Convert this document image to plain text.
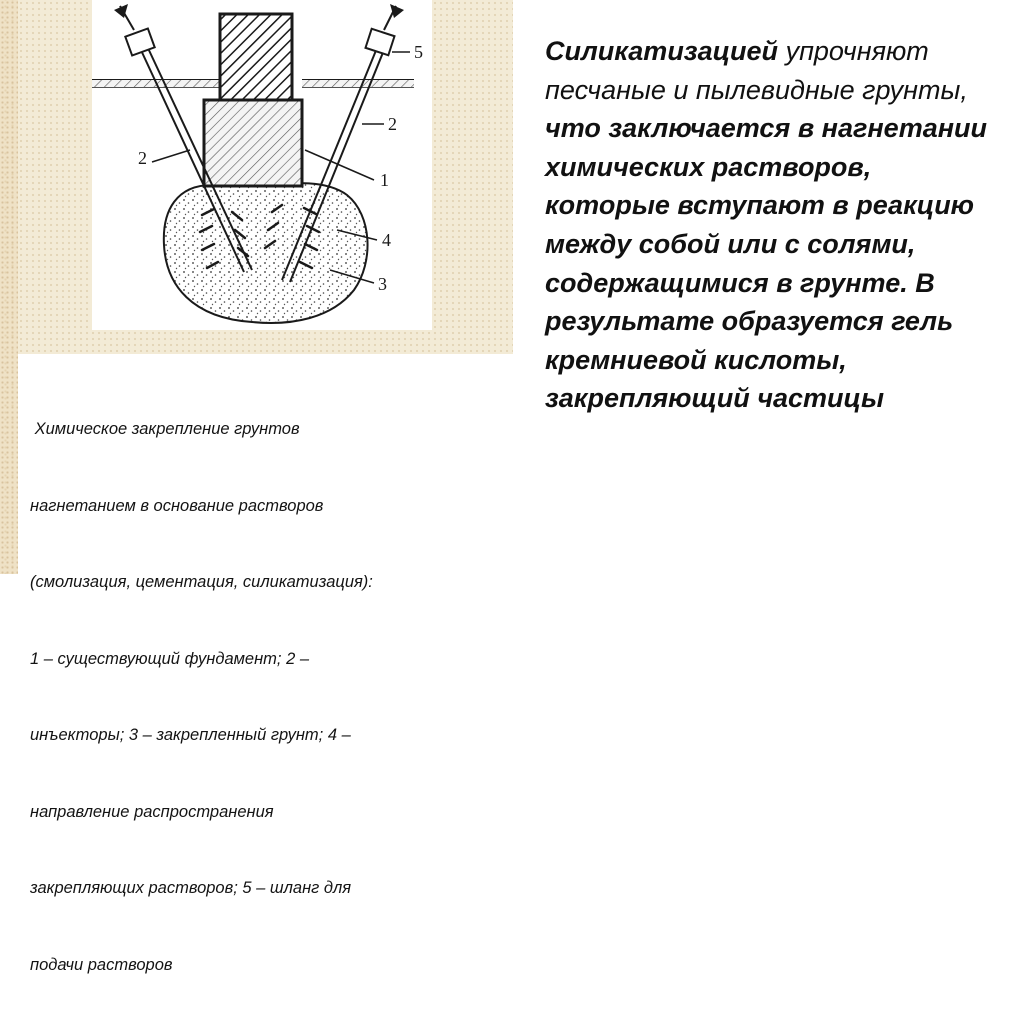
5
2
1
4
3
2

Химическое закрепление грунтов

нагнетанием в основание растворов

(смолизация, цементация, силикатизация):

1 – существующий фундамент; 2 –

инъекторы; 3 – закрепленный грунт; 4 –

направление распространения

закрепляющих растворов; 5 – шланг для

подачи растворов

Силикатизацией упрочняют песчаные и пылевидные грунты, что заключается в нагнетании химических растворов, которые вступают в реакцию между собой или с солями, содержащимися в грунте. В результате образуется гель кремниевой кислоты, закрепляющий частицы
